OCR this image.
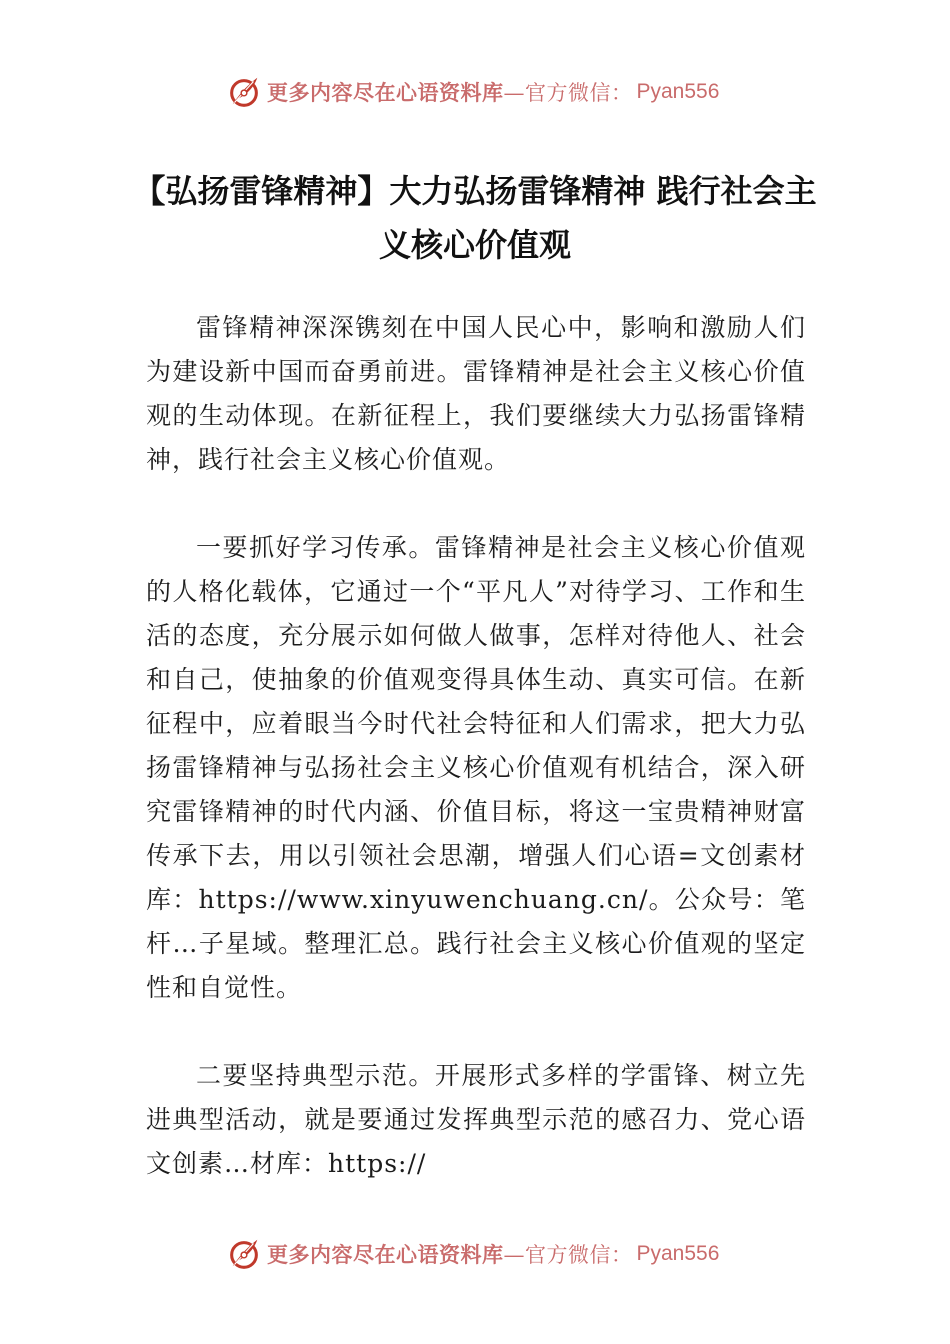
更多内容尽在心语资料库 —官方微信： Pyan556
【弘扬雷锋精神】大力弘扬雷锋精神 践行社会主义核心价值观

雷锋精神深深镌刻在中国人民心中，影响和激励人们为建设新中国而奋勇前进。雷锋精神是社会主义核心价值观的生动体现。在新征程上，我们要继续大力弘扬雷锋精神，践行社会主义核心价值观。

一要抓好学习传承。雷锋精神是社会主义核心价值观的人格化载体，它通过一个“平凡人”对待学习、工作和生活的态度，充分展示如何做人做事，怎样对待他人、社会和自己，使抽象的价值观变得具体生动、真实可信。在新征程中，应着眼当今时代社会特征和人们需求，把大力弘扬雷锋精神与弘扬社会主义核心价值观有机结合，深入研究雷锋精神的时代内涵、价值目标，将这一宝贵精神财富传承下去，用以引领社会思潮，增强人们心语=文创素材库：https://www.xinyuwenchuang.cn/。公众号：笔杆…子星域。整理汇总。践行社会主义核心价值观的坚定性和自觉性。

二要坚持典型示范。开展形式多样的学雷锋、树立先进典型活动，就是要通过发挥典型示范的感召力、党心语文创素…材库：https://

更多内容尽在心语资料库 —官方微信： Pyan556
